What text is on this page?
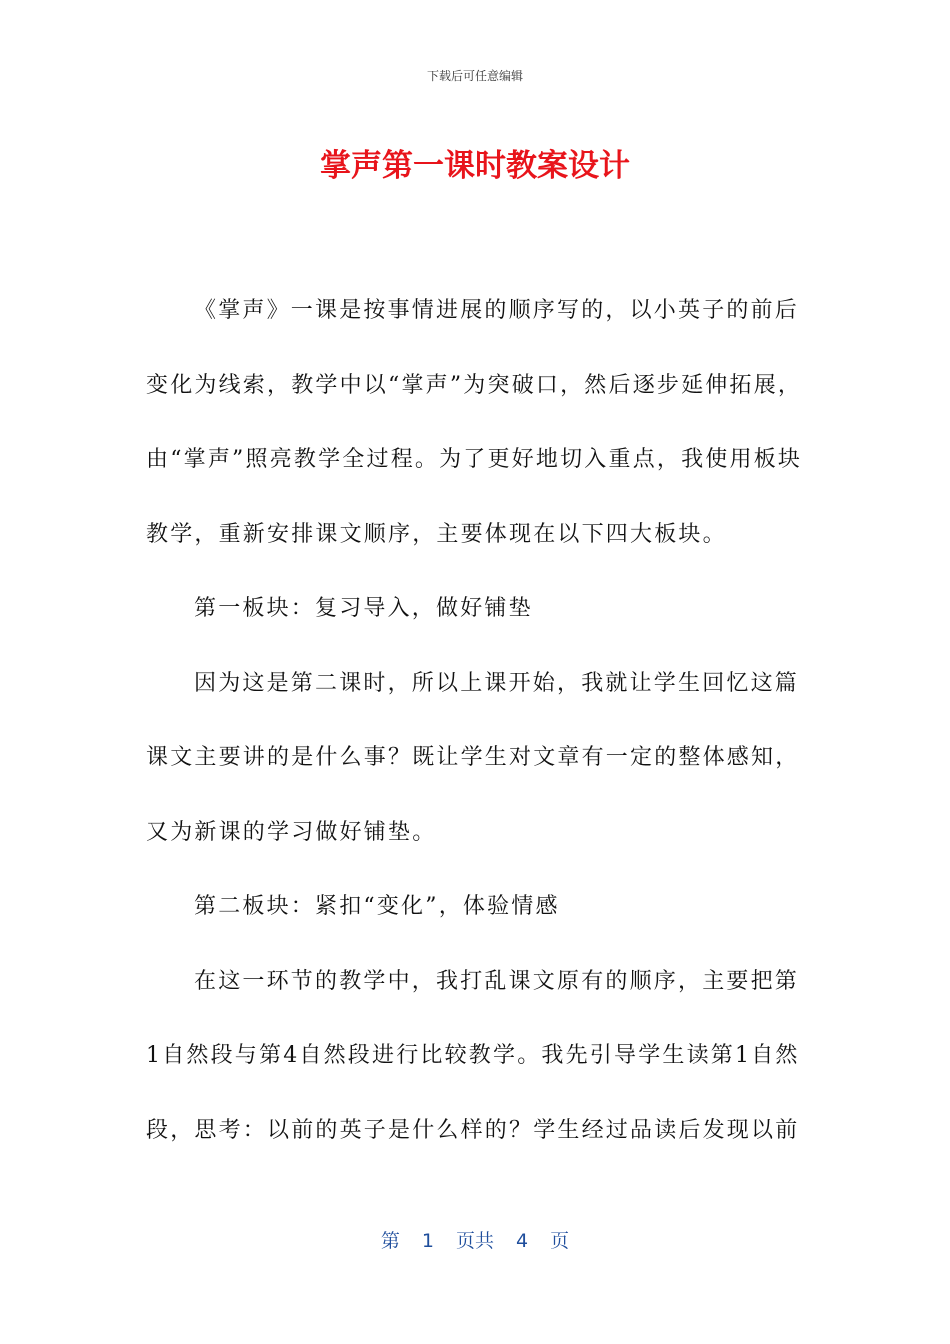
下载后可任意编辑
掌声第一课时教案设计

《掌声》一课是按事情进展的顺序写的，以小英子的前后变化为线索，教学中以“掌声”为突破口，然后逐步延伸拓展，由“掌声”照亮教学全过程。为了更好地切入重点，我使用板块教学，重新安排课文顺序，主要体现在以下四大板块。

第一板块：复习导入，做好铺垫

因为这是第二课时，所以上课开始，我就让学生回忆这篇课文主要讲的是什么事？既让学生对文章有一定的整体感知，又为新课的学习做好铺垫。

第二板块：紧扣“变化”，体验情感

在这一环节的教学中，我打乱课文原有的顺序，主要把第1自然段与第4自然段进行比较教学。我先引导学生读第1自然段，思考：以前的英子是什么样的？学生经过品读后发现以前

第 1 页共 4 页
